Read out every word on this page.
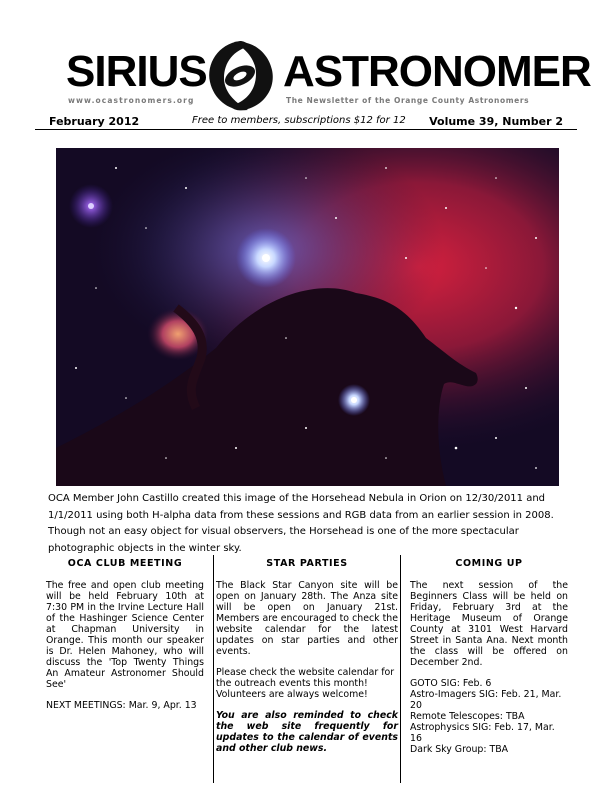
SIRIUS ASTRONOMER
www.ocastronomers.org	The Newsletter of the Orange County Astronomers
February 2012	Free to members, subscriptions $12 for 12 Volume 39, Number 2
OCA Member John Castillo created this image of the Horsehead Nebula in Orion on 12/30/2011 and 1/1/2011 using both H-alpha data from these sessions and RGB data from an earlier session in 2008. Though not an easy object for visual observers, the Horsehead is one of the more spectacular photographic objects in the winter sky.
OCA CLUB MEETING

The free and open club meeting will be held February 10th at 7:30 PM in the Irvine Lecture Hall of the Hashinger Science Center at Chapman University in Orange. This month our speaker is Dr. Helen Mahoney, who will discuss the 'Top Twenty Things An Amateur Astronomer Should See'

NEXT MEETINGS: Mar. 9, Apr. 13

STAR PARTIES

The Black Star Canyon site will be open on January 28th. The Anza site will be open on January 21st. Members are encouraged to check the website calendar for the latest updates on star parties and other events.

Please check the website calendar for the outreach events this month! Volunteers are always welcome!

You are also reminded to check the web site frequently for updates to the calendar of events and other club news.

COMING UP

The next session of the Beginners Class will be held on Friday, February 3rd at the Heritage Museum of Orange County at 3101 West Harvard Street in Santa Ana. Next month the class will be offered on December 2nd.

GOTO SIG: Feb. 6
Astro-Imagers SIG: Feb. 21, Mar. 20
Remote Telescopes: TBA
Astrophysics SIG: Feb. 17, Mar. 16
Dark Sky Group: TBA
